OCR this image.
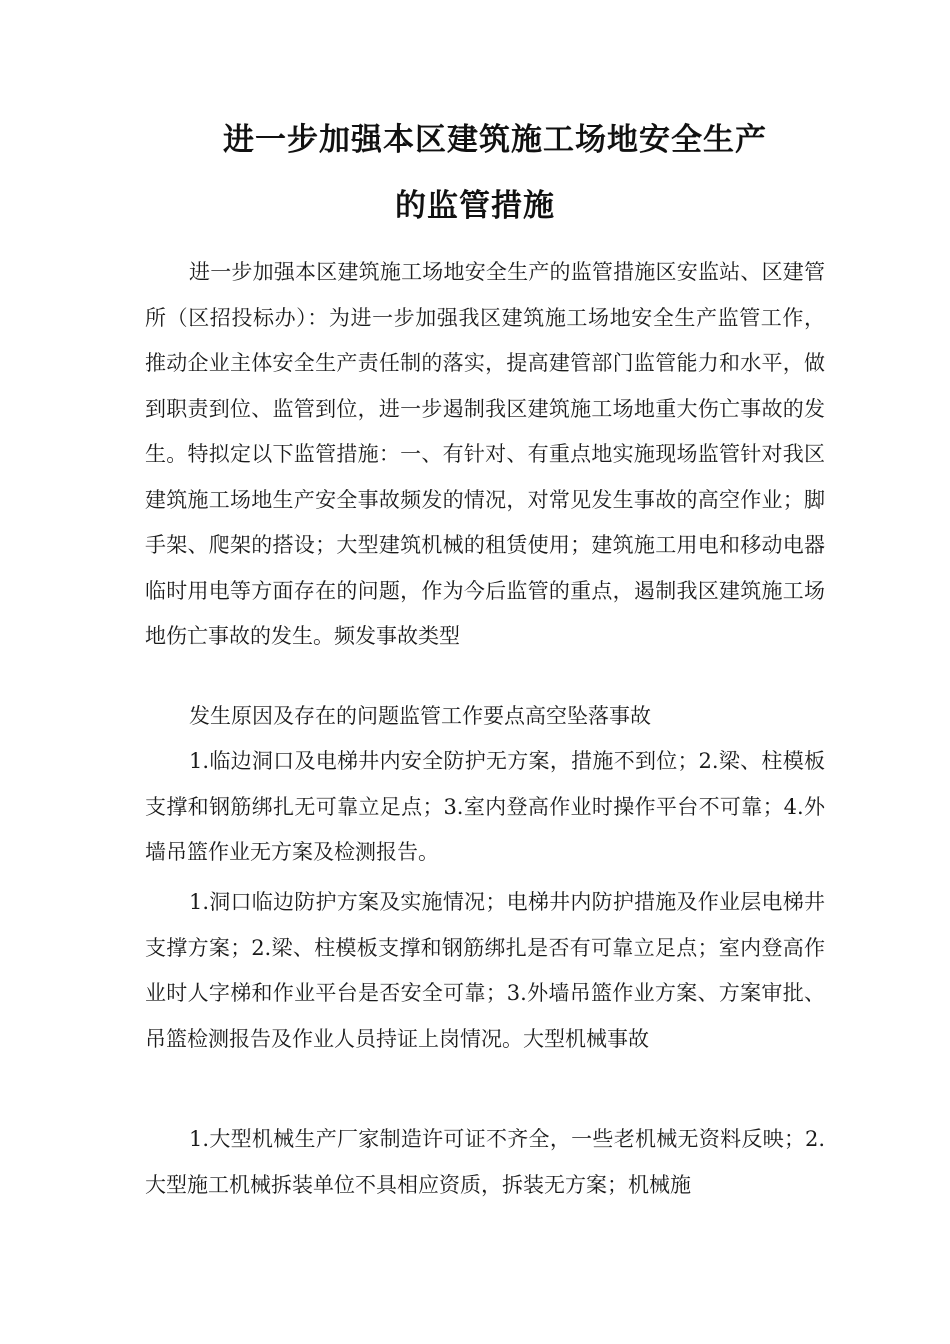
进一步加强本区建筑施工场地安全生产
的监管措施
进一步加强本区建筑施工场地安全生产的监管措施区安监站、区建管所（区招投标办）：为进一步加强我区建筑施工场地安全生产监管工作，推动企业主体安全生产责任制的落实，提高建管部门监管能力和水平，做到职责到位、监管到位，进一步遏制我区建筑施工场地重大伤亡事故的发生。特拟定以下监管措施：一、有针对、有重点地实施现场监管针对我区建筑施工场地生产安全事故频发的情况，对常见发生事故的高空作业；脚手架、爬架的搭设；大型建筑机械的租赁使用；建筑施工用电和移动电器临时用电等方面存在的问题，作为今后监管的重点，遏制我区建筑施工场地伤亡事故的发生。频发事故类型
发生原因及存在的问题监管工作要点高空坠落事故
1.临边洞口及电梯井内安全防护无方案，措施不到位；2.梁、柱模板支撑和钢筋绑扎无可靠立足点；3.室内登高作业时操作平台不可靠；4.外墙吊篮作业无方案及检测报告。
1.洞口临边防护方案及实施情况；电梯井内防护措施及作业层电梯井支撑方案；2.梁、柱模板支撑和钢筋绑扎是否有可靠立足点；室内登高作业时人字梯和作业平台是否安全可靠；3.外墙吊篮作业方案、方案审批、吊篮检测报告及作业人员持证上岗情况。大型机械事故
1.大型机械生产厂家制造许可证不齐全，一些老机械无资料反映；2.大型施工机械拆装单位不具相应资质，拆装无方案；机械施
